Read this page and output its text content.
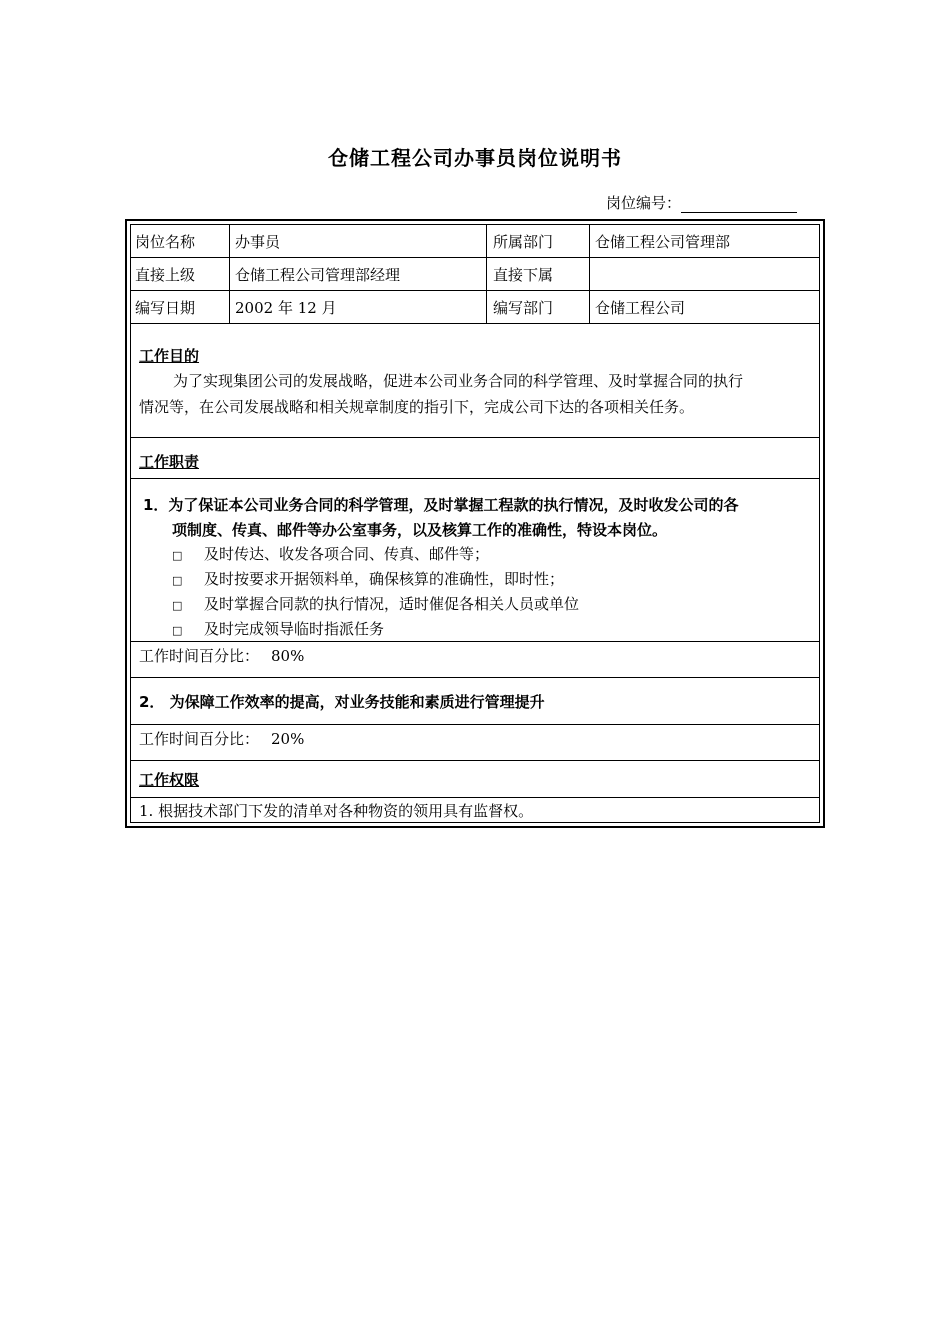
仓储工程公司办事员岗位说明书
岗位编号：
岗位名称	办事员	所属部门	仓储工程公司管理部
直接上级	仓储工程公司管理部经理	直接下属
编写日期	2002 年 12 月	编写部门	仓储工程公司
工作目的
为了实现集团公司的发展战略，促进本公司业务合同的科学管理、及时掌握合同的执行
情况等，在公司发展战略和相关规章制度的指引下，完成公司下达的各项相关任务。
工作职责
1．为了保证本公司业务合同的科学管理，及时掌握工程款的执行情况，及时收发公司的各
项制度、传真、邮件等办公室事务，以及核算工作的准确性，特设本岗位。
□ 及时传达、收发各项合同、传真、邮件等；
□ 及时按要求开据领料单，确保核算的准确性，即时性；
□ 及时掌握合同款的执行情况，适时催促各相关人员或单位
□ 及时完成领导临时指派任务
工作时间百分比： 80%
2． 为保障工作效率的提高，对业务技能和素质进行管理提升
工作时间百分比： 20%
工作权限
1. 根据技术部门下发的清单对各种物资的领用具有监督权。
